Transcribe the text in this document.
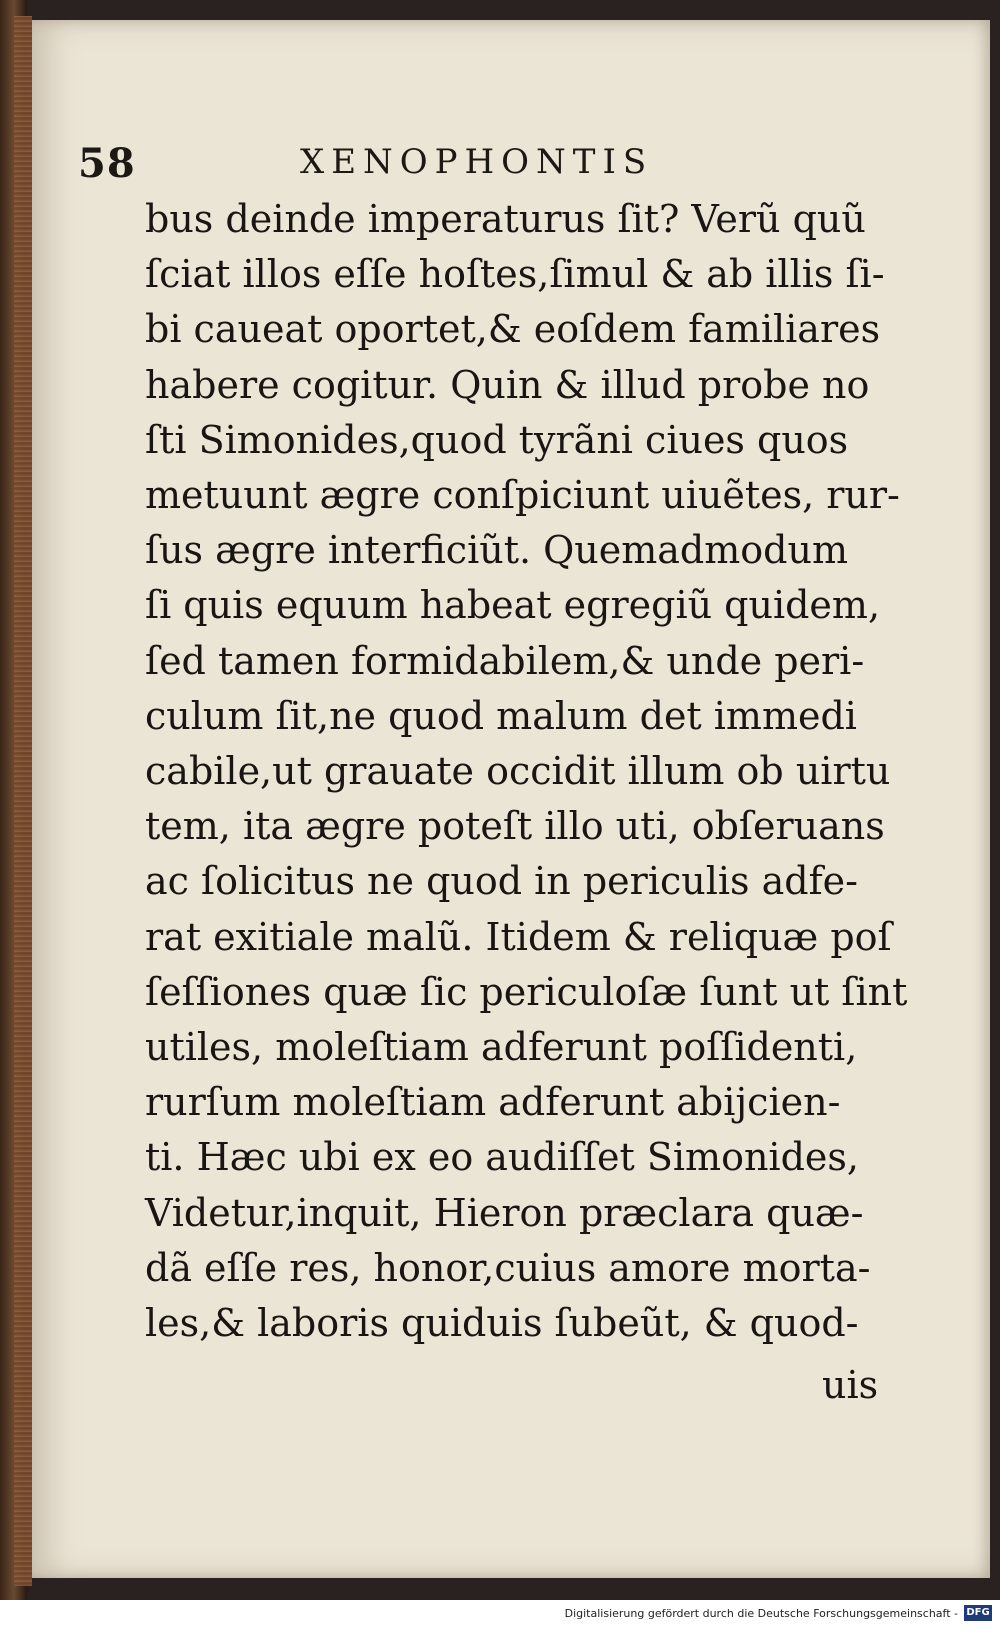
58	XENOPHONTIS
bus deinde imperaturus ſit? Verũ quũ
ſciat illos eſſe hoſtes,ſimul & ab illis ſi-
bi caueat oportet,& eoſdem familiares
habere cogitur. Quin & illud probe no
ſti Simonides,quod tyrãni ciues quos
metuunt ægre conſpiciunt uiuẽtes, rur-
ſus ægre interficiũt. Quemadmodum
ſi quis equum habeat egregiũ quidem,
ſed tamen formidabilem,& unde peri-
culum ſit,ne quod malum det immedi
cabile,ut grauate occidit illum ob uirtu
tem, ita ægre poteſt illo uti, obſeruans
ac ſolicitus ne quod in periculis adfe-
rat exitiale malũ. Itidem & reliquæ poſ
ſeſſiones quæ ſic periculoſæ ſunt ut ſint
utiles, moleſtiam adferunt poſſidenti,
rurſum moleſtiam adferunt abijcien-
ti. Hæc ubi ex eo audiſſet Simonides,
Videtur,inquit, Hieron præclara quæ-
dã eſſe res, honor,cuius amore morta-
les,& laboris quiduis ſubeũt, & quod-
uis
Digitalisierung gefördert durch die Deutsche Forschungsgemeinschaft - DFG
